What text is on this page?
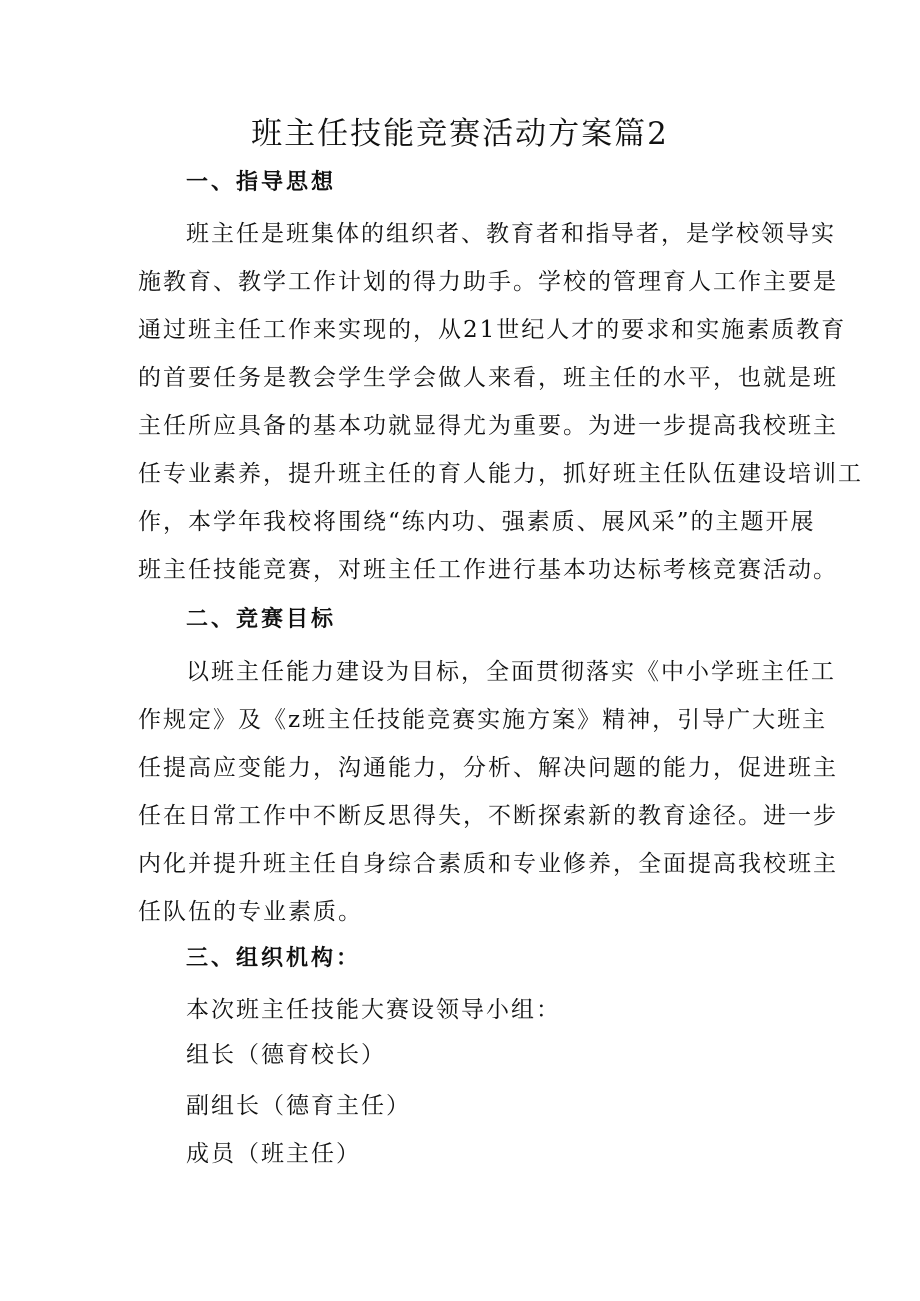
班主任技能竞赛活动方案篇2
一、指导思想
班主任是班集体的组织者、教育者和指导者，是学校领导实
施教育、教学工作计划的得力助手。学校的管理育人工作主要是
通过班主任工作来实现的，从21世纪人才的要求和实施素质教育
的首要任务是教会学生学会做人来看，班主任的水平，也就是班
主任所应具备的基本功就显得尤为重要。为进一步提高我校班主
任专业素养，提升班主任的育人能力，抓好班主任队伍建设培训工
作，本学年我校将围绕“练内功、强素质、展风采”的主题开展
班主任技能竞赛，对班主任工作进行基本功达标考核竞赛活动。
二、竞赛目标
以班主任能力建设为目标，全面贯彻落实《中小学班主任工
作规定》及《z班主任技能竞赛实施方案》精神，引导广大班主
任提高应变能力，沟通能力，分析、解决问题的能力，促进班主
任在日常工作中不断反思得失，不断探索新的教育途径。进一步
内化并提升班主任自身综合素质和专业修养，全面提高我校班主
任队伍的专业素质。
三、组织机构：
本次班主任技能大赛设领导小组：
组长（德育校长）
副组长（德育主任）
成员（班主任）
